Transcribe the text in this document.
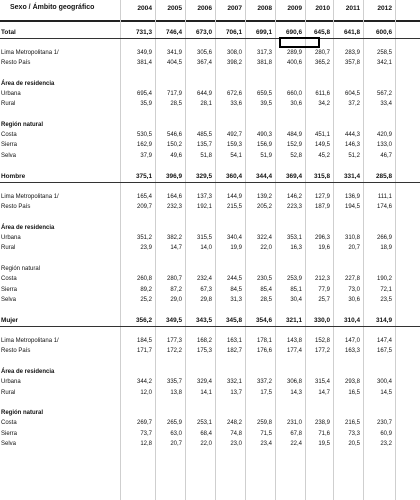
Sexo / Ámbito geográfico	2004	2005	2006	2007	2008	2009	2010	2011	2012
Total	731,3	746,4	673,0	706,1	699,1	690,6	645,8	641,8	600,6
Lima Metropolitana 1/	349,9	341,9	305,6	308,0	317,3	289,9	280,7	283,9	258,5
Resto País	381,4	404,5	367,4	398,2	381,8	400,6	365,2	357,8	342,1
Área de residencia
Urbana	695,4	717,9	644,9	672,6	659,5	660,0	611,6	604,5	567,2
Rural	35,9	28,5	28,1	33,6	39,5	30,6	34,2	37,2	33,4
Región natural
Costa	530,5	546,6	485,5	492,7	490,3	484,9	451,1	444,3	420,9
Sierra	162,9	150,2	135,7	159,3	156,9	152,9	149,5	146,3	133,0
Selva	37,9	49,6	51,8	54,1	51,9	52,8	45,2	51,2	46,7
Hombre	375,1	396,9	329,5	360,4	344,4	369,4	315,8	331,4	285,8
Lima Metropolitana 1/	165,4	164,6	137,3	144,9	139,2	146,2	127,9	136,9	111,1
Resto País	209,7	232,3	192,1	215,5	205,2	223,3	187,9	194,5	174,6
Área de residencia
Urbana	351,2	382,2	315,5	340,4	322,4	353,1	296,3	310,8	266,9
Rural	23,9	14,7	14,0	19,9	22,0	16,3	19,6	20,7	18,9
Región natural
Costa	260,8	280,7	232,4	244,5	230,5	253,9	212,3	227,8	190,2
Sierra	89,2	87,2	67,3	84,5	85,4	85,1	77,9	73,0	72,1
Selva	25,2	29,0	29,8	31,3	28,5	30,4	25,7	30,6	23,5
Mujer	356,2	349,5	343,5	345,8	354,6	321,1	330,0	310,4	314,9
Lima Metropolitana 1/	184,5	177,3	168,2	163,1	178,1	143,8	152,8	147,0	147,4
Resto País	171,7	172,2	175,3	182,7	176,6	177,4	177,2	163,3	167,5
Área de residencia
Urbana	344,2	335,7	329,4	332,1	337,2	306,8	315,4	293,8	300,4
Rural	12,0	13,8	14,1	13,7	17,5	14,3	14,7	16,5	14,5
Región natural
Costa	269,7	265,9	253,1	248,2	259,8	231,0	238,9	216,5	230,7
Sierra	73,7	63,0	68,4	74,8	71,5	67,8	71,6	73,3	60,9
Selva	12,8	20,7	22,0	23,0	23,4	22,4	19,5	20,5	23,2
